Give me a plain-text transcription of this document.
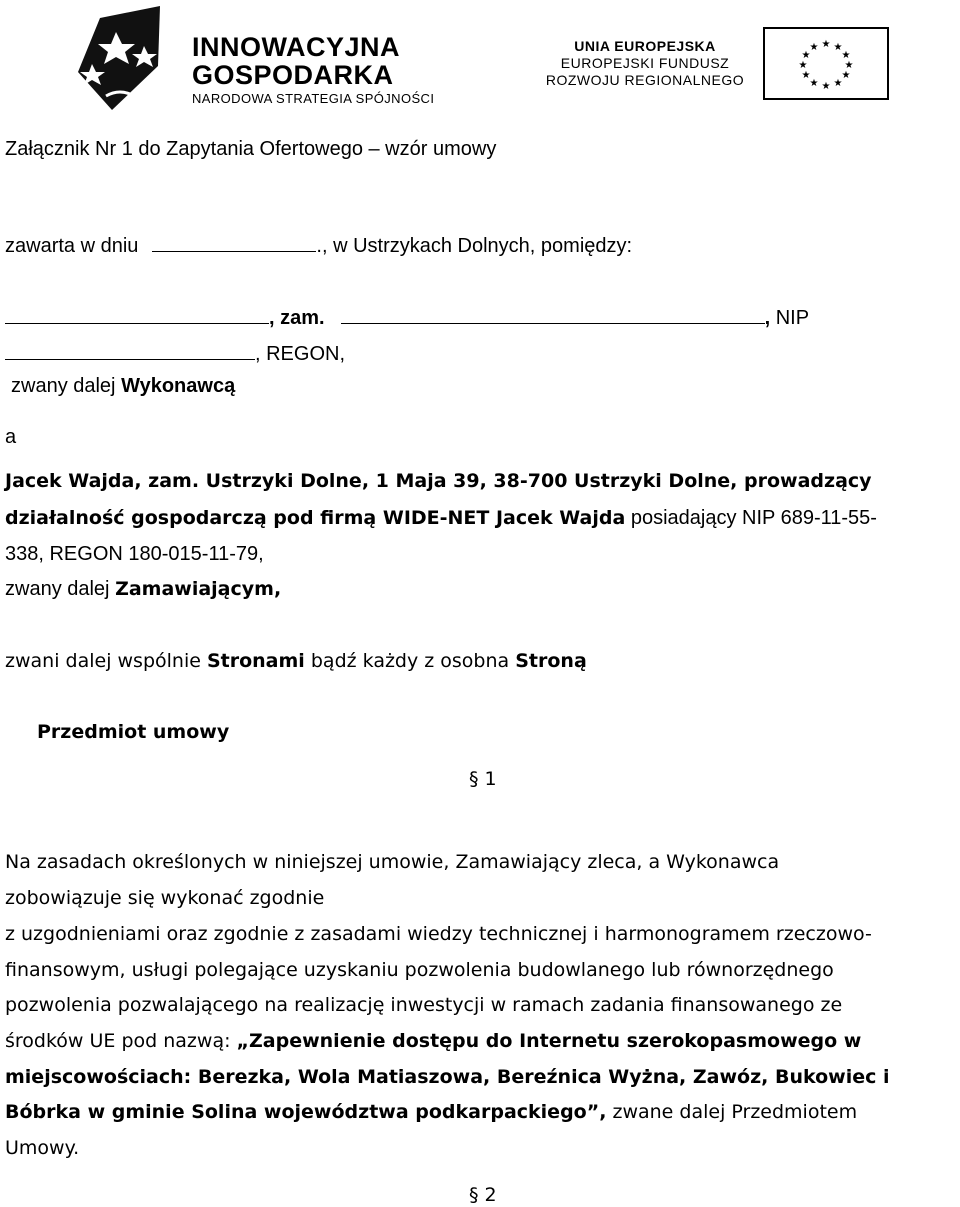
INNOWACYJNA
GOSPODARKA
NARODOWA STRATEGIA SPÓJNOŚCI
UNIA EUROPEJSKA
EUROPEJSKI FUNDUSZ
ROZWOJU REGIONALNEGO
★ ★
★
★
★
★
★
★
★
★
★
★
Załącznik Nr 1 do Zapytania Ofertowego – wzór umowy
zawarta w dniu	., w Ustrzykach Dolnych, pomiędzy:
, zam.	, NIP
, REGON,
zwany dalej Wykonawcą
a
Jacek Wajda, zam. Ustrzyki Dolne, 1 Maja 39, 38-700 Ustrzyki Dolne, prowadzący
działalność gospodarczą pod firmą WIDE-NET Jacek Wajda posiadający NIP 689-11-55-
338, REGON 180-015-11-79,
zwany dalej Zamawiającym,
zwani dalej wspólnie Stronami bądź każdy z osobna Stroną
Przedmiot umowy
§ 1
Na zasadach określonych w niniejszej umowie, Zamawiający zleca, a Wykonawca
zobowiązuje się wykonać zgodnie
z uzgodnieniami oraz zgodnie z zasadami wiedzy technicznej i harmonogramem rzeczowo-
finansowym, usługi polegające uzyskaniu pozwolenia budowlanego lub równorzędnego
pozwolenia pozwalającego na realizację inwestycji w ramach zadania finansowanego ze
środków UE pod nazwą: „Zapewnienie dostępu do Internetu szerokopasmowego w
miejscowościach: Berezka, Wola Matiaszowa, Bereźnica Wyżna, Zawóz, Bukowiec i
Bóbrka w gminie Solina województwa podkarpackiego”, zwane dalej Przedmiotem
Umowy.
§ 2
